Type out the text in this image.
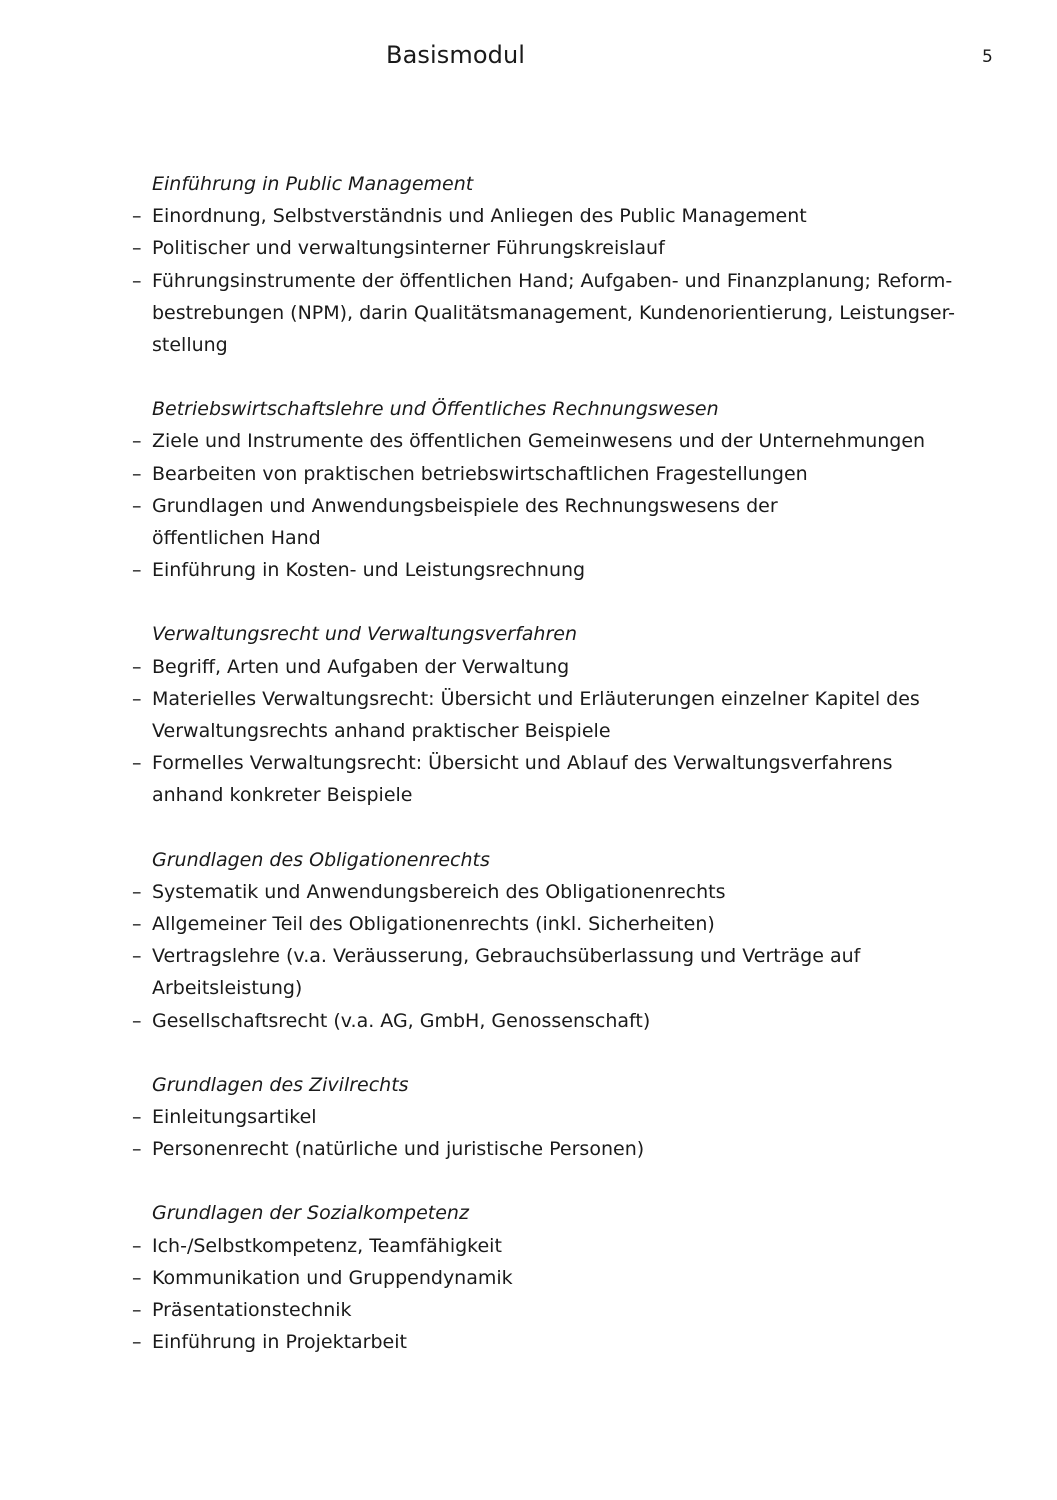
Basismodul	5
Einführung in Public Management
– Einordnung, Selbstverständnis und Anliegen des Public Management
– Politischer und verwaltungsinterner Führungskreislauf
– Führungsinstrumente der öffentlichen Hand; Aufgaben- und Finanzplanung; Reform-
bestrebungen (NPM), darin Qualitätsmanagement, Kundenorientierung, Leistungser-
stellung
Betriebswirtschaftslehre und Öffentliches Rechnungswesen
– Ziele und Instrumente des öffentlichen Gemeinwesens und der Unternehmungen
– Bearbeiten von praktischen betriebswirtschaftlichen Fragestellungen
– Grundlagen und Anwendungsbeispiele des Rechnungswesens der
öffentlichen Hand
– Einführung in Kosten- und Leistungsrechnung
Verwaltungsrecht und Verwaltungsverfahren
– Begriff, Arten und Aufgaben der Verwaltung
– Materielles Verwaltungsrecht: Übersicht und Erläuterungen einzelner Kapitel des
Verwaltungsrechts anhand praktischer Beispiele
– Formelles Verwaltungsrecht: Übersicht und Ablauf des Verwaltungsverfahrens
anhand konkreter Beispiele
Grundlagen des Obligationenrechts
– Systematik und Anwendungsbereich des Obligationenrechts
– Allgemeiner Teil des Obligationenrechts (inkl. Sicherheiten)
– Vertragslehre (v.a. Veräusserung, Gebrauchsüberlassung und Verträge auf
Arbeitsleistung)
– Gesellschaftsrecht (v.a. AG, GmbH, Genossenschaft)
Grundlagen des Zivilrechts
– Einleitungsartikel
– Personenrecht (natürliche und juristische Personen)
Grundlagen der Sozialkompetenz
– Ich-/Selbstkompetenz, Teamfähigkeit
– Kommunikation und Gruppendynamik
– Präsentationstechnik
– Einführung in Projektarbeit
